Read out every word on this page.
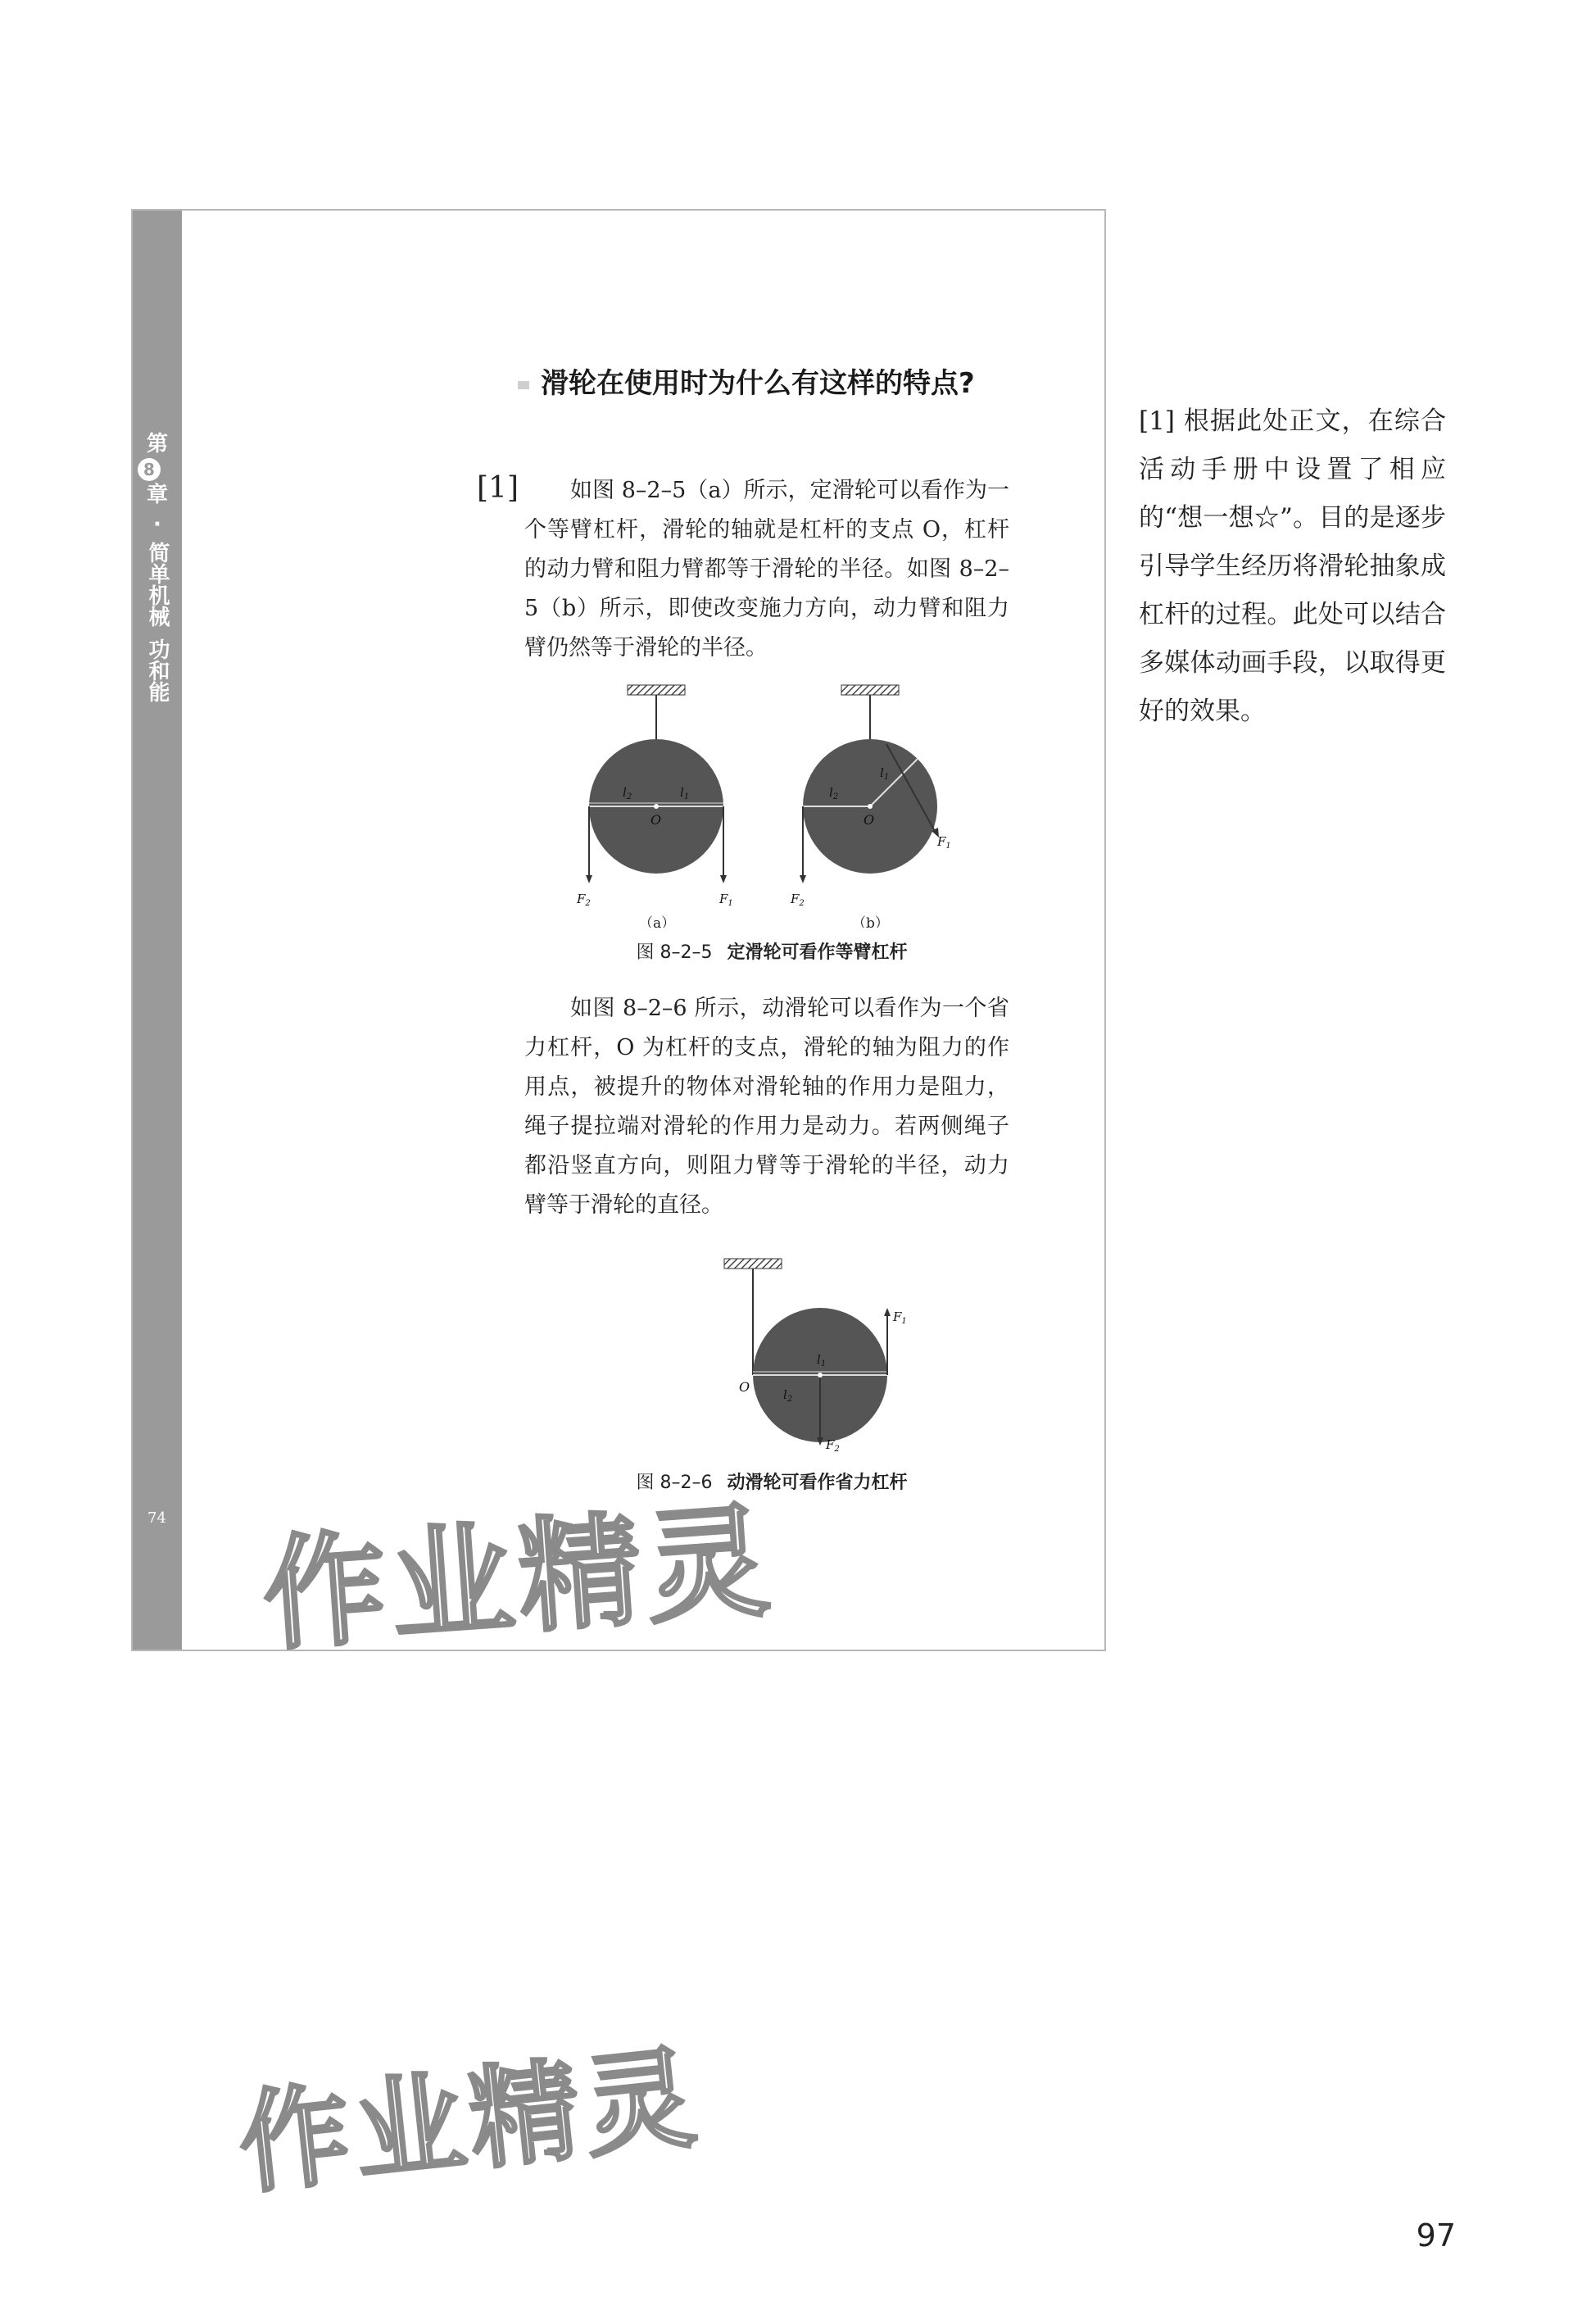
第
8
章
·
简单机械
功和能
74
滑轮在使用时为什么有这样的特点?
[1]	如图 8–2–5（a）所示，定滑轮可以看作为一个等臂杠杆，滑轮的轴就是杠杆的支点 O，杠杆的动力臂和阻力臂都等于滑轮的半径。如图 8–2–5（b）所示，即使改变施力方向，动力臂和阻力臂仍然等于滑轮的半径。
O
$l_2$	$l_1$
$F_2$	$F_1$
（a）
O
$l_2$
$l_1$
$F_2$
$F_1$
（b）
图 8–2–5 定滑轮可看作等臂杠杆
如图 8–2–6 所示，动滑轮可以看作为一个省力杠杆，O 为杠杆的支点，滑轮的轴为阻力的作用点，被提升的物体对滑轮轴的作用力是阻力，绳子提拉端对滑轮的作用力是动力。若两侧绳子都沿竖直方向，则阻力臂等于滑轮的半径，动力臂等于滑轮的直径。
O
$l_1$
$l_2$
$F_1$
$F_2$
图 8–2–6 动滑轮可看作省力杠杆
作业精灵
作业精灵
[1] 根据此处正文，在综合活动手册中设置了相应的“想一想☆”。目的是逐步引导学生经历将滑轮抽象成杠杆的过程。此处可以结合多媒体动画手段，以取得更好的效果。
97
